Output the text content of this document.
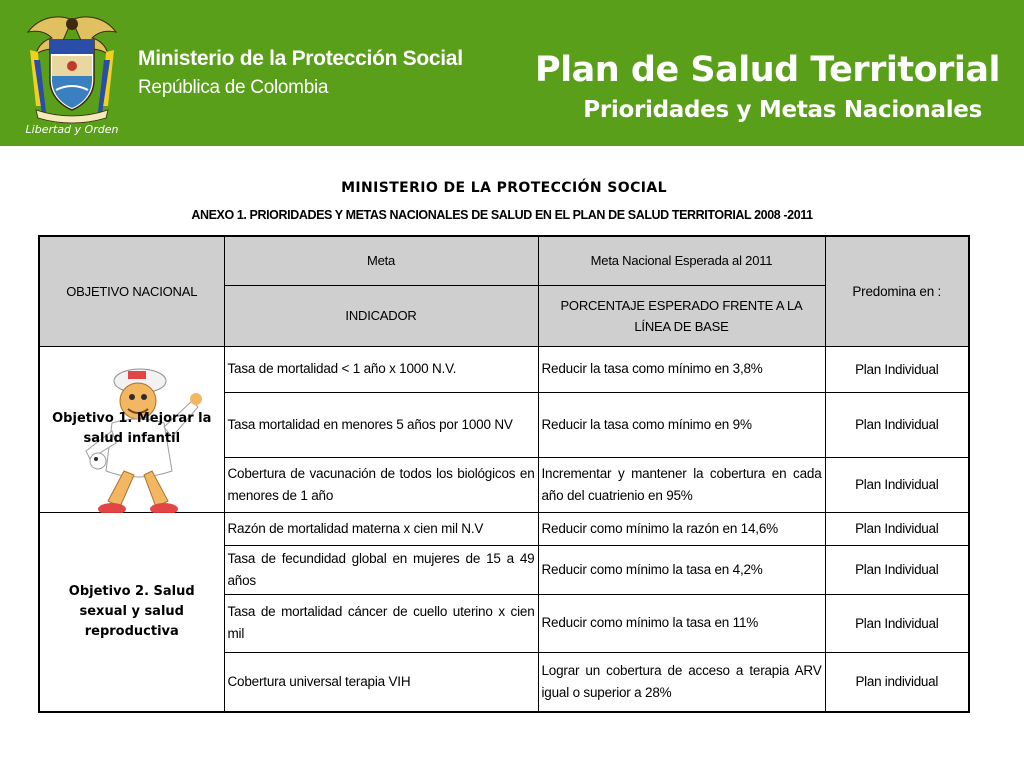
Libertad y Orden
Ministerio de la Protección Social
República de Colombia	Plan de Salud Territorial
Prioridades y Metas Nacionales
MINISTERIO DE LA PROTECCIÓN SOCIAL
ANEXO 1. PRIORIDADES Y METAS NACIONALES DE SALUD EN EL PLAN DE SALUD TERRITORIAL 2008 -2011
OBJETIVO NACIONAL	Meta	Meta Nacional Esperada al 2011	Predomina en :
	INDICADOR	PORCENTAJE ESPERADO FRENTE A LA LÍNEA DE BASE	

Objetivo 1. Mejorar la salud infantil	Tasa de mortalidad < 1 año x 1000 N.V.	Reducir la tasa como mínimo en 3,8%	Plan Individual
	Tasa mortalidad en menores 5 años por 1000 NV	Reducir la tasa como mínimo en 9%	Plan Individual
	Cobertura de vacunación de todos los biológicos en menores de 1 año	Incrementar y mantener la cobertura en cada año del cuatrienio en 95%	Plan Individual
Objetivo 2. Salud sexual y salud reproductiva	Razón de mortalidad materna x cien mil N.V	Reducir como mínimo la razón en 14,6%	Plan Individual
	Tasa de fecundidad global en mujeres de 15 a 49 años	Reducir como mínimo la tasa en 4,2%	Plan Individual
	Tasa de mortalidad cáncer de cuello uterino x cien mil	Reducir como mínimo la tasa en 11%	Plan Individual
	Cobertura universal terapia VIH	Lograr un cobertura de acceso a terapia ARV igual o superior a 28%	Plan individual
